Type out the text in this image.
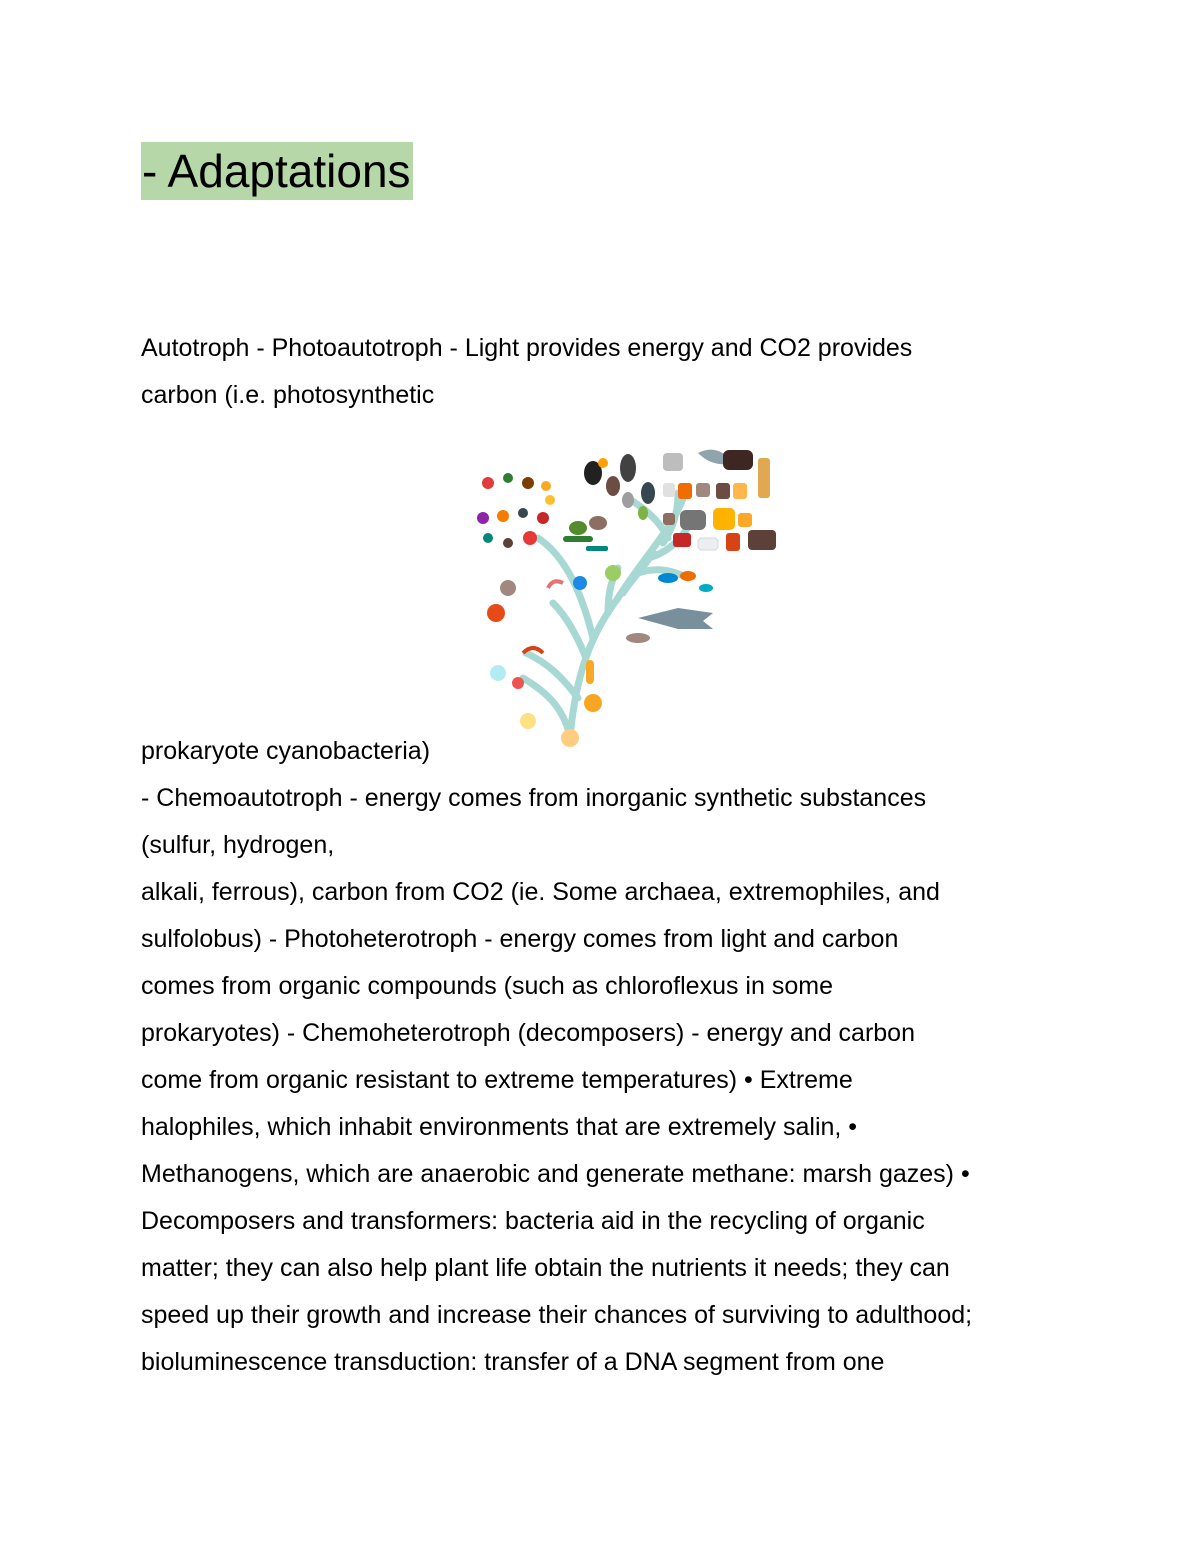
- Adaptations
Autotroph - Photoautotroph - Light provides energy and CO2 provides
carbon (i.e. photosynthetic
prokaryote cyanobacteria)
- Chemoautotroph - energy comes from inorganic synthetic substances
(sulfur, hydrogen,
alkali, ferrous), carbon from CO2 (ie. Some archaea, extremophiles, and
sulfolobus) - Photoheterotroph - energy comes from light and carbon
comes from organic compounds (such as chloroflexus in some
prokaryotes) - Chemoheterotroph (decomposers) - energy and carbon
come from organic resistant to extreme temperatures) • Extreme
halophiles, which inhabit environments that are extremely salin, •
Methanogens, which are anaerobic and generate methane: marsh gazes) •
Decomposers and transformers: bacteria aid in the recycling of organic
matter; they can also help plant life obtain the nutrients it needs; they can
speed up their growth and increase their chances of surviving to adulthood;
bioluminescence transduction: transfer of a DNA segment from one
